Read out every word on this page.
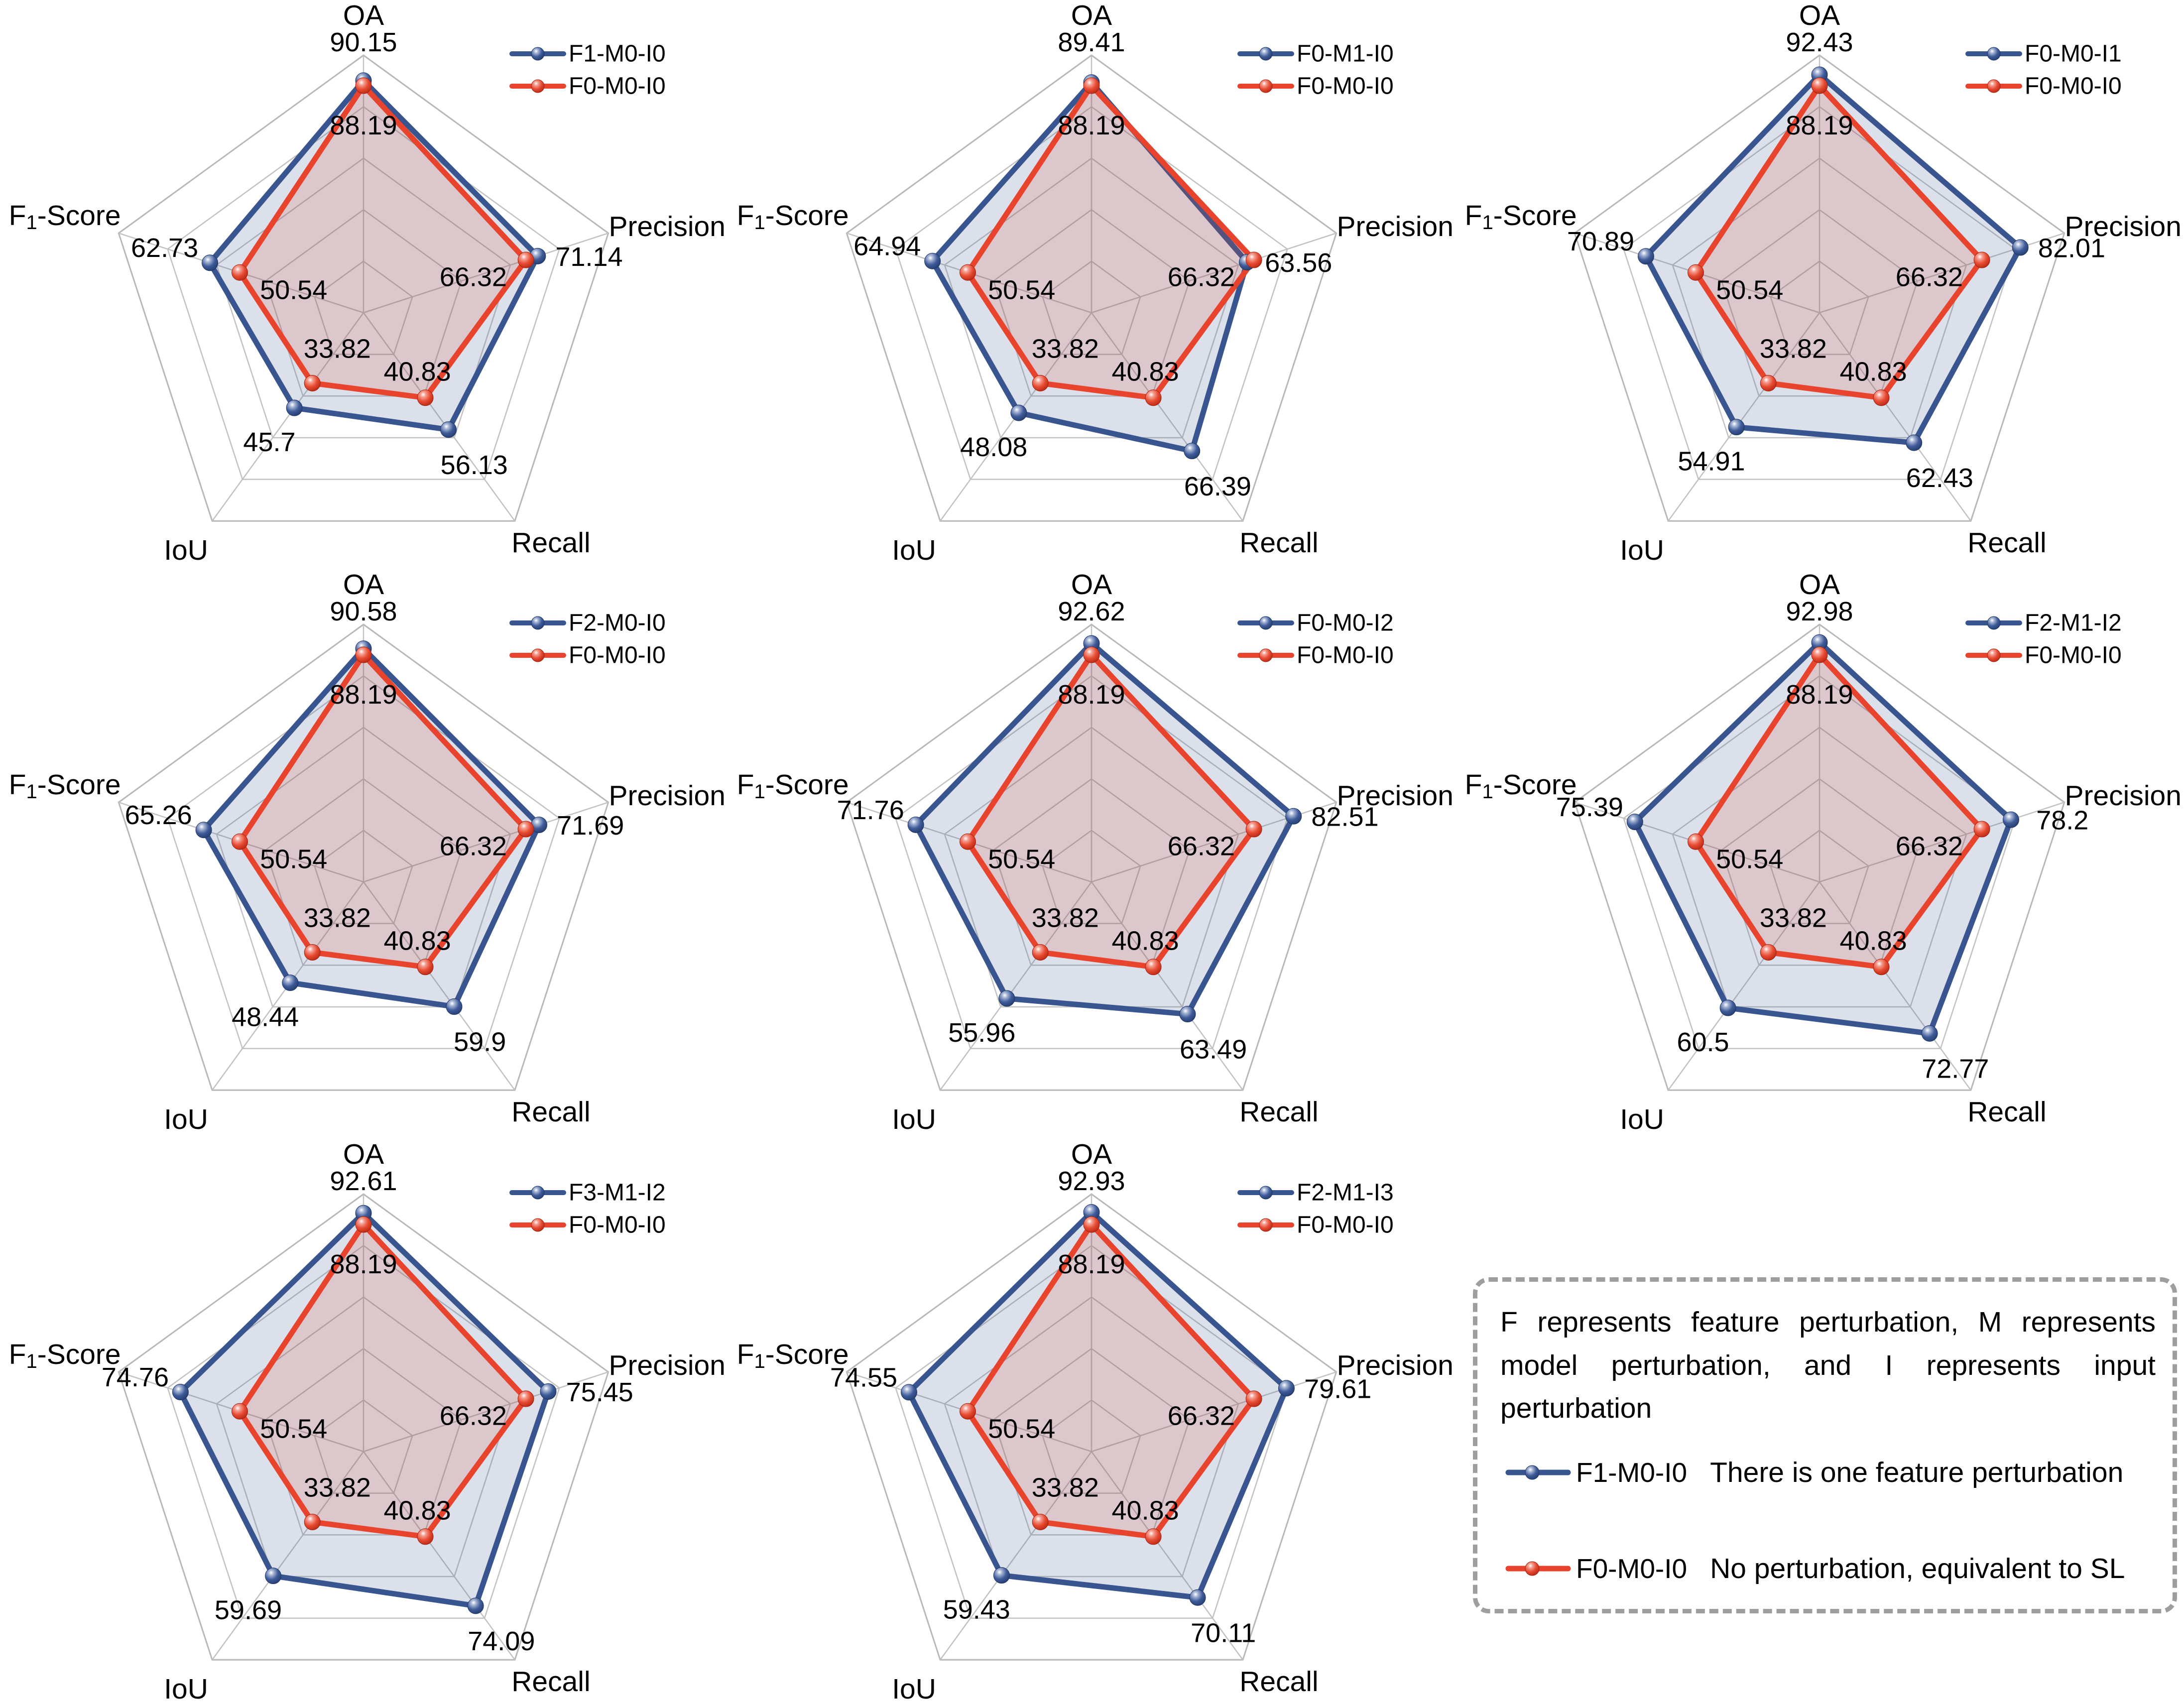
90.15
71.14
56.13
45.7
62.73
88.19
66.32
40.83
33.82
50.54
OA
Precision
Recall
IoU
$F_1$-Score
F1-M0-I0
F0-M0-I0
89.41
63.56
66.39
48.08
64.94
88.19
66.32
40.83
33.82
50.54
OA
Precision
Recall
IoU
$F_1$-Score
F0-M1-I0
F0-M0-I0
92.43
82.01
62.43
54.91
70.89
88.19
66.32
40.83
33.82
50.54
OA
Precision
Recall
IoU
$F_1$-Score
F0-M0-I1
F0-M0-I0
90.58
71.69
59.9
48.44
65.26
88.19
66.32
40.83
33.82
50.54
OA
Precision
Recall
IoU
$F_1$-Score
F2-M0-I0
F0-M0-I0
92.62
82.51
63.49
55.96
71.76
88.19
66.32
40.83
33.82
50.54
OA
Precision
Recall
IoU
$F_1$-Score
F0-M0-I2
F0-M0-I0
92.98
78.2
72.77
60.5
75.39
88.19
66.32
40.83
33.82
50.54
OA
Precision
Recall
IoU
$F_1$-Score
F2-M1-I2
F0-M0-I0
92.61
75.45
74.09
59.69
74.76
88.19
66.32
40.83
33.82
50.54
OA
Precision
Recall
IoU
$F_1$-Score
F3-M1-I2
F0-M0-I0
92.93
79.61
70.11
59.43
74.55
88.19
66.32
40.83
33.82
50.54
OA
Precision
Recall
IoU
$F_1$-Score
F2-M1-I3
F0-M0-I0

F represents feature perturbation, M represents model perturbation, and I represents input perturbation

F1-M0-I0 There is one feature perturbation
F0-M0-I0 No perturbation, equivalent to SL
